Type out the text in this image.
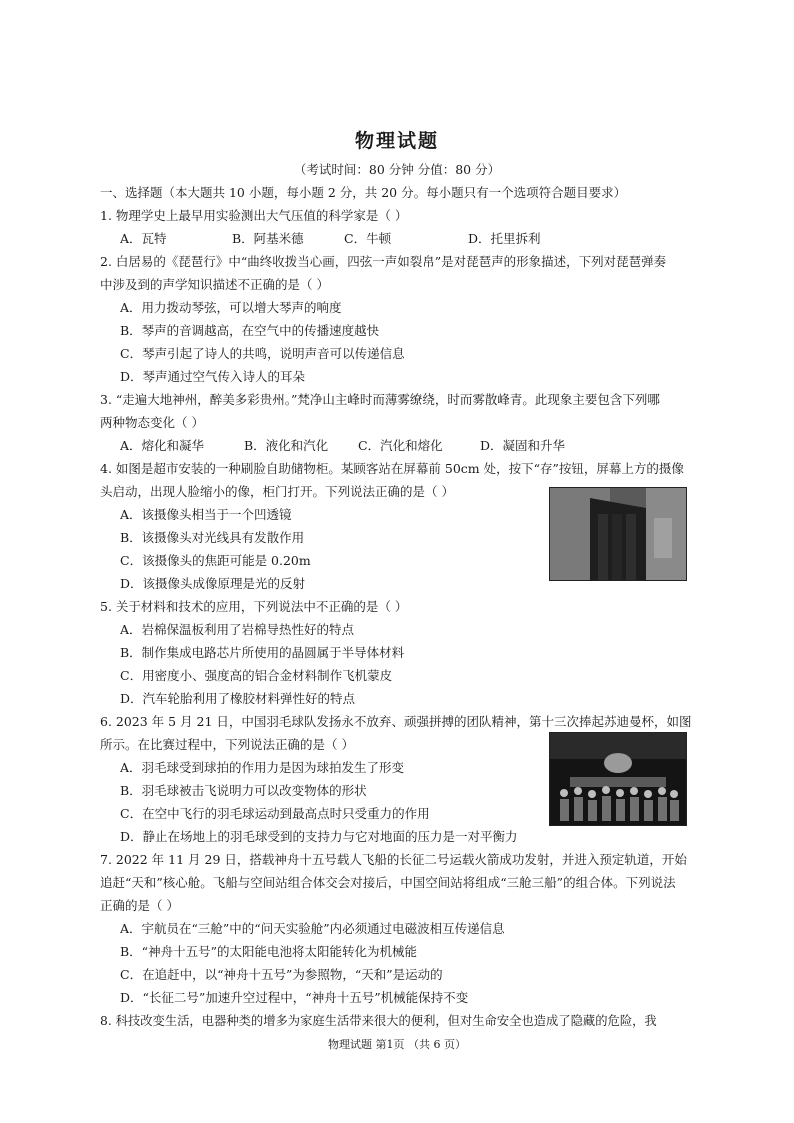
物理试题
（考试时间：80 分钟 分值：80 分）
一、选择题（本大题共 10 小题，每小题 2 分，共 20 分。每小题只有一个选项符合题目要求）
1. 物理学史上最早用实验测出大气压值的科学家是（ ）
A．瓦特	B．阿基米德	C．牛顿	D．托里拆利
2. 白居易的《琵琶行》中“曲终收拨当心画，四弦一声如裂帛”是对琵琶声的形象描述，下列对琵琶弹奏
中涉及到的声学知识描述不正确的是（ ）
A．用力拨动琴弦，可以增大琴声的响度
B．琴声的音调越高，在空气中的传播速度越快
C．琴声引起了诗人的共鸣，说明声音可以传递信息
D．琴声通过空气传入诗人的耳朵
3. “走遍大地神州，醉美多彩贵州。”梵净山主峰时而薄雾缭绕，时而雾散峰青。此现象主要包含下列哪
两种物态变化（ ）
A．熔化和凝华	B．液化和汽化	C．汽化和熔化	D．凝固和升华
4. 如图是超市安装的一种刷脸自助储物柜。某顾客站在屏幕前 50cm 处，按下“存”按钮，屏幕上方的摄像
头启动，出现人脸缩小的像，柜门打开。下列说法正确的是（ ）
A．该摄像头相当于一个凹透镜
B．该摄像头对光线具有发散作用
C．该摄像头的焦距可能是 0.20m
D．该摄像头成像原理是光的反射
5. 关于材料和技术的应用，下列说法中不正确的是（ ）
A．岩棉保温板利用了岩棉导热性好的特点
B．制作集成电路芯片所使用的晶圆属于半导体材料
C．用密度小、强度高的铝合金材料制作飞机蒙皮
D．汽车轮胎利用了橡胶材料弹性好的特点
6. 2023 年 5 月 21 日，中国羽毛球队发扬永不放弃、顽强拼搏的团队精神，第十三次捧起苏迪曼杯，如图
所示。在比赛过程中，下列说法正确的是（ ）
A．羽毛球受到球拍的作用力是因为球拍发生了形变
B．羽毛球被击飞说明力可以改变物体的形状
C．在空中飞行的羽毛球运动到最高点时只受重力的作用
D．静止在场地上的羽毛球受到的支持力与它对地面的压力是一对平衡力
7. 2022 年 11 月 29 日，搭载神舟十五号载人飞船的长征二号运载火箭成功发射，并进入预定轨道，开始
追赶“天和”核心舱。飞船与空间站组合体交会对接后，中国空间站将组成“三舱三船”的组合体。下列说法
正确的是（ ）
A．宇航员在“三舱”中的“问天实验舱”内必须通过电磁波相互传递信息
B．“神舟十五号”的太阳能电池将太阳能转化为机械能
C．在追赶中，以“神舟十五号”为参照物，“天和”是运动的
D．“长征二号”加速升空过程中，“神舟十五号”机械能保持不变
8. 科技改变生活，电器种类的增多为家庭生活带来很大的便利，但对生命安全也造成了隐藏的危险，我
物理试题 第1页 （共 6 页）
